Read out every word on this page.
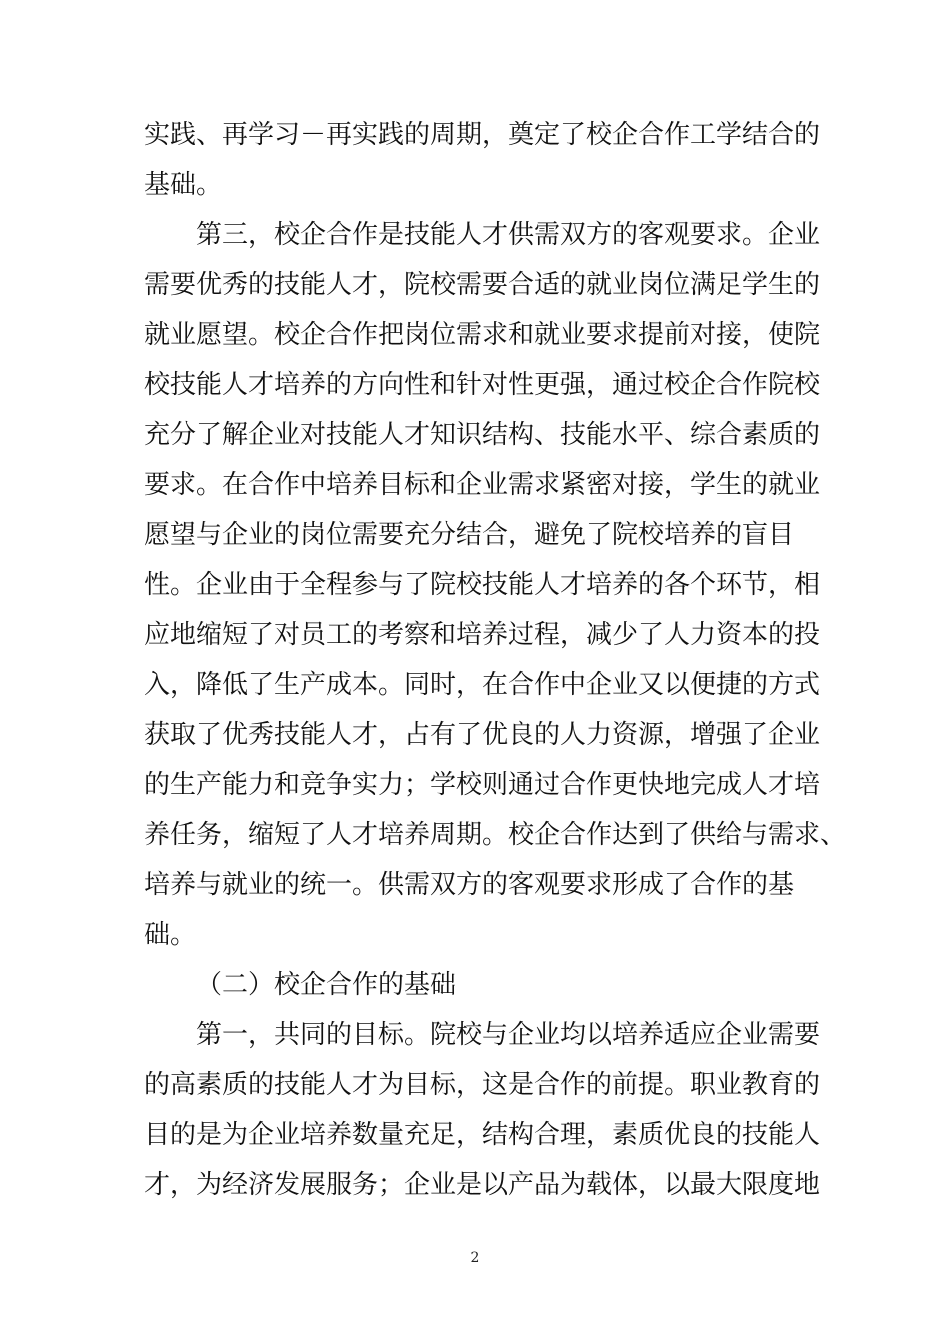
实践、再学习－再实践的周期，奠定了校企合作工学结合的
基础。
第三，校企合作是技能人才供需双方的客观要求。企业
需要优秀的技能人才，院校需要合适的就业岗位满足学生的
就业愿望。校企合作把岗位需求和就业要求提前对接，使院
校技能人才培养的方向性和针对性更强，通过校企合作院校
充分了解企业对技能人才知识结构、技能水平、综合素质的
要求。在合作中培养目标和企业需求紧密对接，学生的就业
愿望与企业的岗位需要充分结合，避免了院校培养的盲目
性。企业由于全程参与了院校技能人才培养的各个环节，相
应地缩短了对员工的考察和培养过程，减少了人力资本的投
入，降低了生产成本。同时，在合作中企业又以便捷的方式
获取了优秀技能人才，占有了优良的人力资源，增强了企业
的生产能力和竞争实力；学校则通过合作更快地完成人才培
养任务，缩短了人才培养周期。校企合作达到了供给与需求、
培养与就业的统一。供需双方的客观要求形成了合作的基
础。
（二）校企合作的基础
第一，共同的目标。院校与企业均以培养适应企业需要
的高素质的技能人才为目标，这是合作的前提。职业教育的
目的是为企业培养数量充足，结构合理，素质优良的技能人
才，为经济发展服务；企业是以产品为载体，以最大限度地
2
